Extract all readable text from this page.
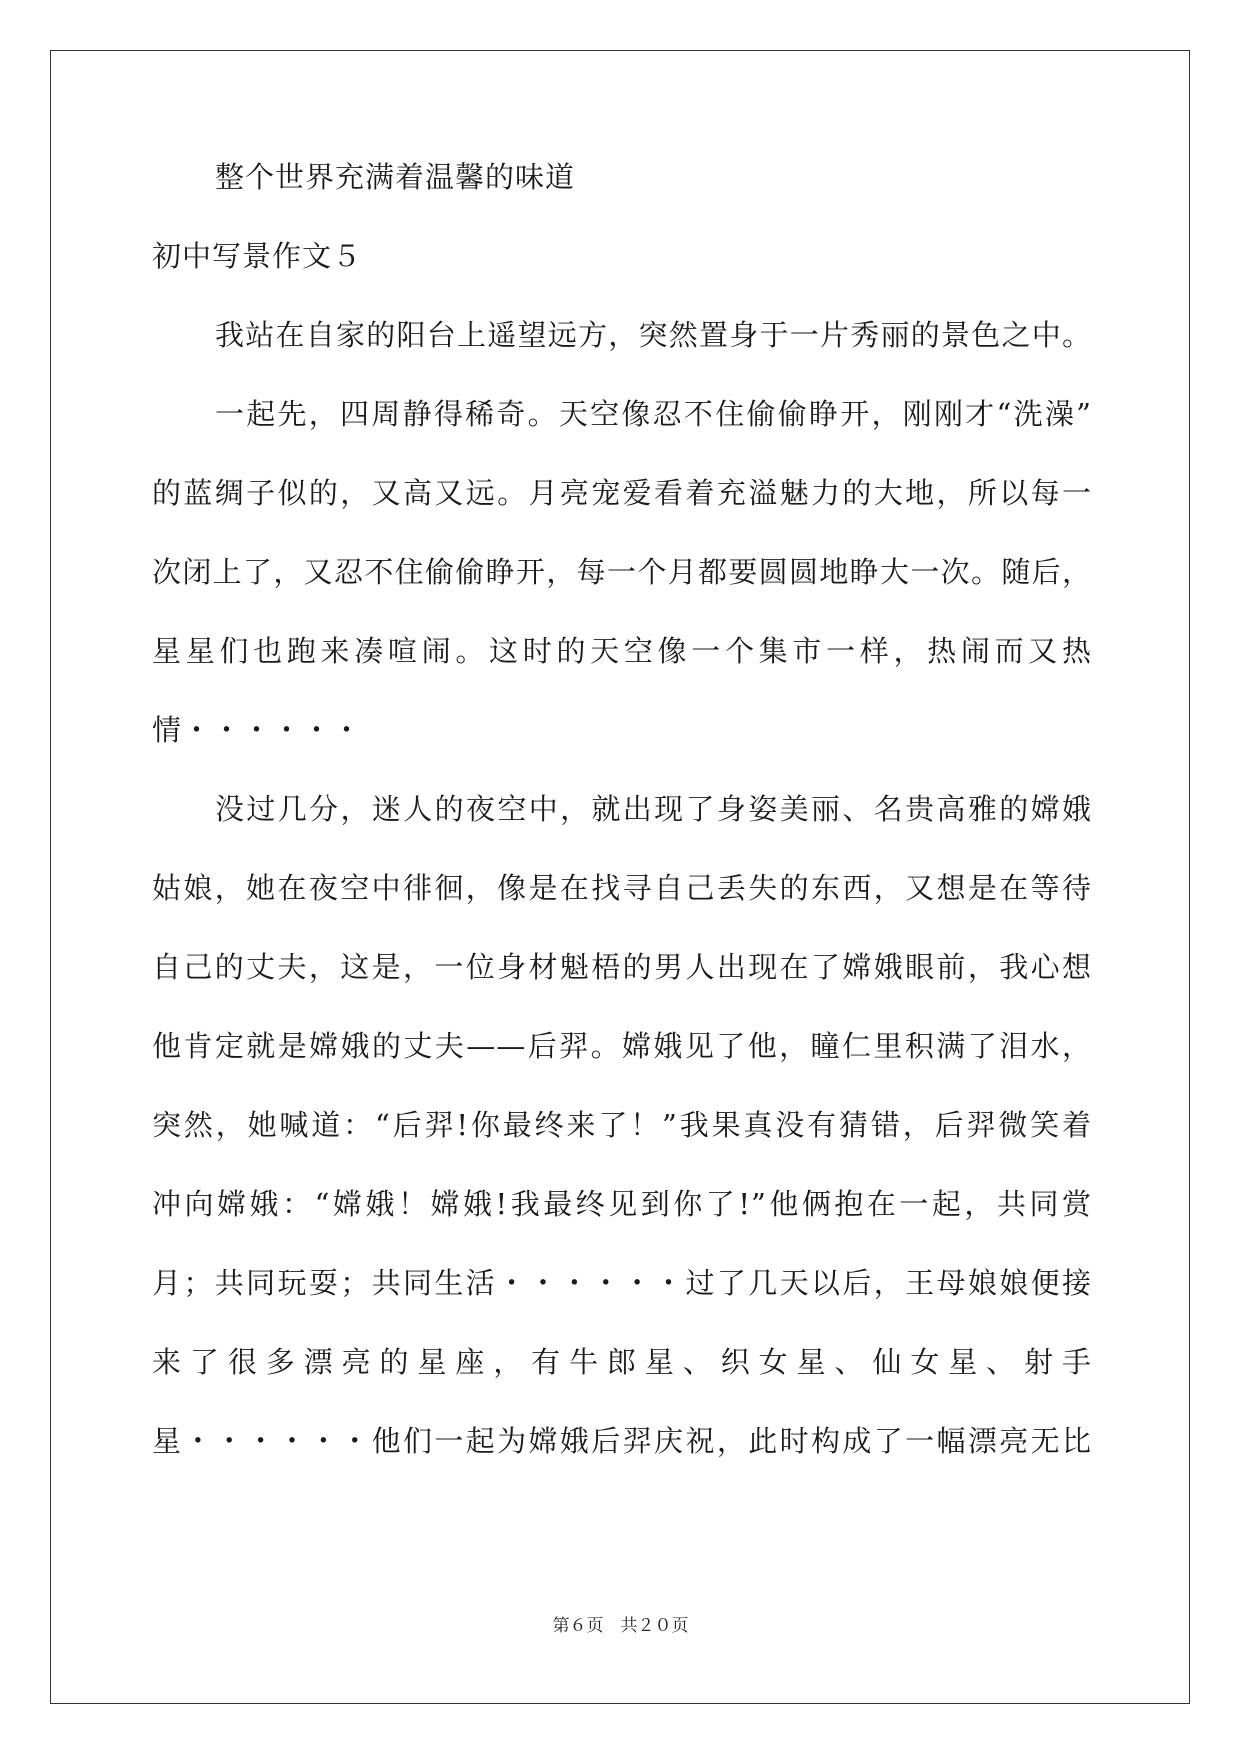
整个世界充满着温馨的味道

初中写景作文５

我站在自家的阳台上遥望远方，突然置身于一片秀丽的景色之中。

一起先，四周静得稀奇。天空像忍不住偷偷睁开，刚刚才“洗澡”

的蓝绸子似的，又高又远。月亮宠爱看着充溢魅力的大地，所以每一

次闭上了，又忍不住偷偷睁开，每一个月都要圆圆地睁大一次。随后，

星星们也跑来凑喧闹。这时的天空像一个集市一样，热闹而又热

情・・・・・・

没过几分，迷人的夜空中，就出现了身姿美丽、名贵高雅的嫦娥

姑娘，她在夜空中徘徊，像是在找寻自己丢失的东西，又想是在等待

自己的丈夫，这是，一位身材魁梧的男人出现在了嫦娥眼前，我心想

他肯定就是嫦娥的丈夫——后羿。嫦娥见了他，瞳仁里积满了泪水，

突然，她喊道：“后羿!你最终来了！”我果真没有猜错，后羿微笑着

冲向嫦娥：“嫦娥！嫦娥!我最终见到你了!”他俩抱在一起，共同赏

月；共同玩耍；共同生活・・・・・・过了几天以后，王母娘娘便接

来了很多漂亮的星座，有牛郎星、织女星、仙女星、射手

星・・・・・・他们一起为嫦娥后羿庆祝，此时构成了一幅漂亮无比

第６页　共２０页
